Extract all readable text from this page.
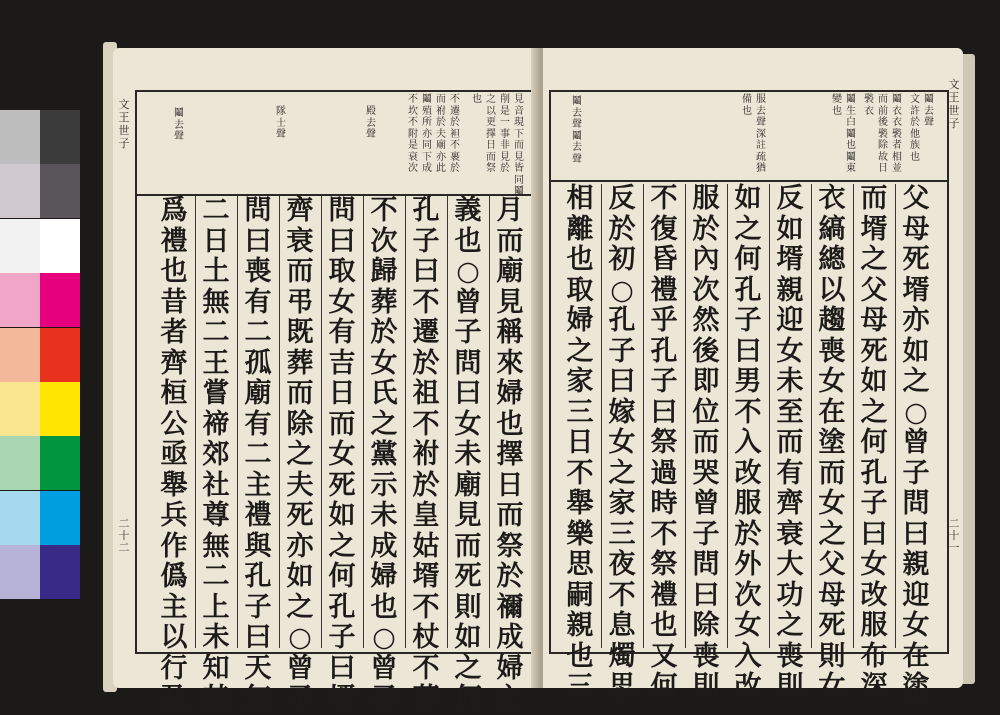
見
音
現
下
而
見
皆
同
鬮
削
是
一
事
非
見
於
之
以
更
擇
日
而
祭
也
不
遷
於
袒
不
裹
於
而
祔
於
夫
廟
亦
此
鬮
殖
所
亦
同
下
成
不
坎
不
附
是
衰
次
殿
去
聲
隊
士
聲
鬮
去
聲
月
而
廟
見
稱
來
婦
也
擇
日
而
祭
於
禰
成
婦
之
義
也
○
曾
子
問
曰
女
未
廟
見
而
死
則
如
之
何
孔
子
曰
不
遷
於
祖
不
祔
於
皇
姑
壻
不
杖
不
菲
不
次
歸
葬
於
女
氏
之
黨
示
未
成
婦
也
○
曾
子
問
曰
取
女
有
吉
日
而
女
死
如
之
何
孔
子
曰
壻
齊
衰
而
弔
既
葬
而
除
之
夫
死
亦
如
之
○
曾
子
問
曰
喪
有
二
孤
廟
有
二
主
禮
與
孔
子
曰
天
無
二
日
土
無
二
王
嘗
禘
郊
社
尊
無
二
上
未
知
其
爲
禮
也
昔
者
齊
桓
公
亟
舉
兵
作
僞
主
以
行
及
文
王
世
子
二
十
二
鬮
去
聲
文
許
於
他
族
也
鬮
衣
衣
褧
者
相
並
而
前
後
褧
除
故
日
褧
衣
鬮
生
白
鬮
也
鬮
東
變
也
服
去
聲
深
註
疏
猶
備
也
鬮
去
聲
鬮
去
聲
父
母
死
壻
亦
如
之
○
曾
子
問
曰
親
迎
女
在
塗
而
壻
之
父
母
死
如
之
何
孔
子
曰
女
改
服
布
深
衣
縞
總
以
趨
喪
女
在
塗
而
女
之
父
母
死
則
女
反
如
壻
親
迎
女
未
至
而
有
齊
衰
大
功
之
喪
則
如
之
何
孔
子
曰
男
不
入
改
服
於
外
次
女
入
改
服
於
內
次
然
後
即
位
而
哭
曾
子
問
曰
除
喪
則
不
復
昏
禮
乎
孔
子
曰
祭
過
時
不
祭
禮
也
又
何
反
於
初
○
孔
子
曰
嫁
女
之
家
三
夜
不
息
燭
思
相
離
也
取
婦
之
家
三
日
不
舉
樂
思
嗣
親
也
三
文
王
世
子
二
十
一
